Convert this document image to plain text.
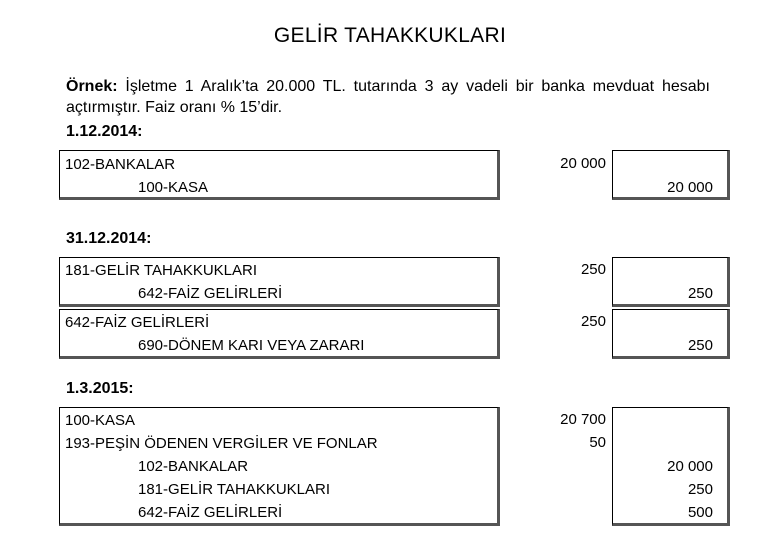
GELİR TAHAKKUKLARI
Örnek: İşletme 1 Aralık’ta 20.000 TL. tutarında 3 ay vadeli bir banka mevduat hesabı açtırmıştır. Faiz oranı % 15’dir.
1.12.2014:
102-BANKALAR
100-KASA
20 000
20 000
31.12.2014:
181-GELİR TAHAKKUKLARI
642-FAİZ GELİRLERİ
250
250
642-FAİZ GELİRLERİ
690-DÖNEM KARI VEYA ZARARI
250
250
1.3.2015:
100-KASA
193-PEŞİN ÖDENEN VERGİLER VE FONLAR
102-BANKALAR
181-GELİR TAHAKKUKLARI
642-FAİZ GELİRLERİ
20 700
50
20 000
250
500
